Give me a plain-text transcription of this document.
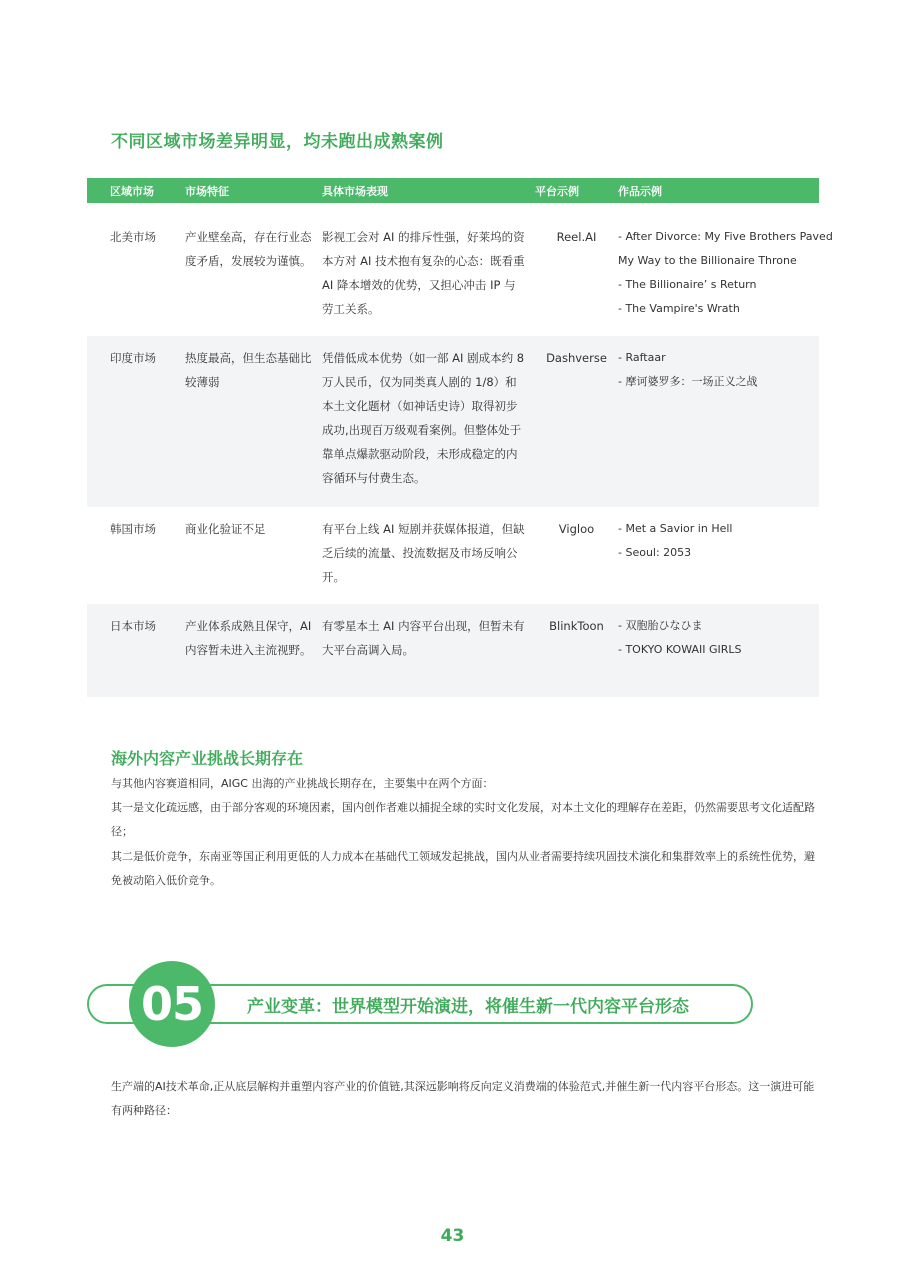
不同区域市场差异明显，均未跑出成熟案例
区域市场	市场特征	具体市场表现	平台示例	作品示例

北美市场	产业壁垒高，存在行业态度矛盾，发展较为谨慎。	影视工会对 AI 的排斥性强，好莱坞的资本方对 AI 技术抱有复杂的心态：既看重 AI 降本增效的优势，又担心冲击 IP 与劳工关系。	Reel.AI	- After Divorce: My Five Brothers Paved
My Way to the Billionaire Throne
- The Billionaire’ s Return
- The Vampire's Wrath

印度市场	热度最高，但生态基础比较薄弱	凭借低成本优势（如一部 AI 剧成本约 8 万人民币，仅为同类真人剧的 1/8）和本土文化题材（如神话史诗）取得初步成功,出现百万级观看案例。但整体处于靠单点爆款驱动阶段，未形成稳定的内容循环与付费生态。	Dashverse	- Raftaar
- 摩诃婆罗多：一场正义之战

韩国市场	商业化验证不足	有平台上线 AI 短剧并获媒体报道，但缺乏后续的流量、投流数据及市场反响公开。	Vigloo	- Met a Savior in Hell
- Seoul: 2053

日本市场	产业体系成熟且保守，AI 内容暂未进入主流视野。	有零星本土 AI 内容平台出现，但暂未有大平台高调入局。	BlinkToon	- 双胞胎ひなひま
- TOKYO KOWAII GIRLS
海外内容产业挑战长期存在

与其他内容赛道相同，AIGC 出海的产业挑战长期存在，主要集中在两个方面：

其一是文化疏远感，由于部分客观的环境因素，国内创作者难以捕捉全球的实时文化发展，对本土文化的理解存在差距，仍然需要思考文化适配路径；

其二是低价竞争，东南亚等国正利用更低的人力成本在基础代工领域发起挑战，国内从业者需要持续巩固技术演化和集群效率上的系统性优势，避免被动陷入低价竞争。

05	产业变革：世界模型开始演进，将催生新一代内容平台形态

生产端的AI技术革命,正从底层解构并重塑内容产业的价值链,其深远影响将反向定义消费端的体验范式,并催生新一代内容平台形态。这一演进可能有两种路径：

43
